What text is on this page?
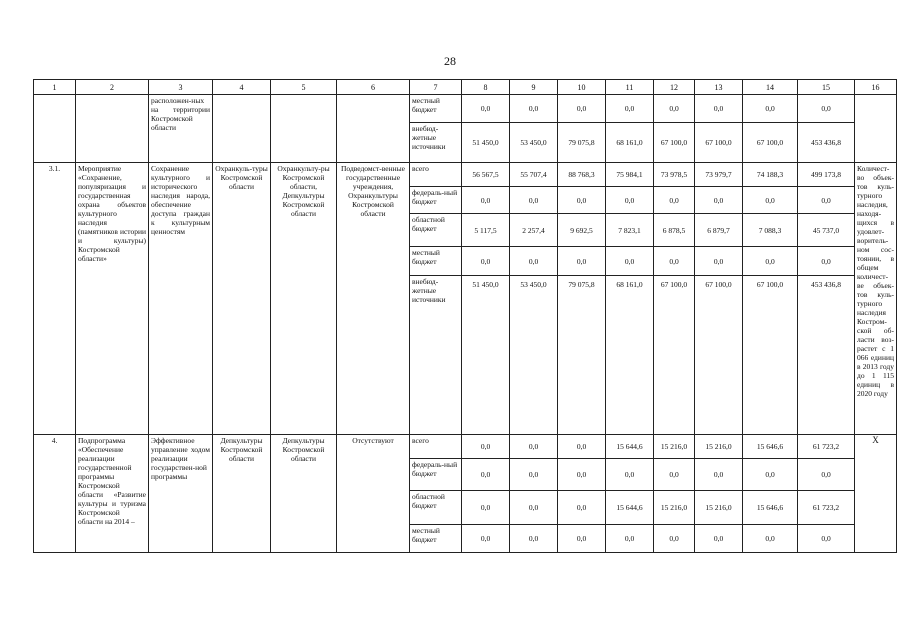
28
1	2	3	4	5	6	7	8	9	10	11	12	13	14	15	16
		расположен-ных на территории Костромской области				местный бюджет	0,0	0,0	0,0	0,0	0,0	0,0	0,0	0,0	
						внебюд-жетные источники	51 450,0	53 450,0	79 075,8	68 161,0	67 100,0	67 100,0	67 100,0	453 436,8	
3.1.	Мероприятие «Сохранение, популяризация и государственная охрана объектов культурного наследия (памятников истории и культуры) Костромской области»	Сохранение культурного и исторического наследия народа, обеспечение доступа граждан к культурным ценностям	Охранкуль-туры Костромской области	Охранкульту-ры Костромской области, Депкультуры Костромской области	Подведомст-венные государственные учреждения, Охранкультуры Костромской области	всего	56 567,5	55 707,4	88 768,3	75 984,1	73 978,5	73 979,7	74 188,3	499 173,8	Количест-во объек-тов куль-турного наследия, находя-щихся в удовлет-воритель-ном сос-тоянии, в общем количест-ве объек-тов куль-турного наследия Костром-ской об-ласти воз-растет с 1 066 единиц в 2013 году до 1 115 единиц в 2020 году
						федераль-ный бюджет	0,0	0,0	0,0	0,0	0,0	0,0	0,0	0,0	
						областной бюджет	5 117,5	2 257,4	9 692,5	7 823,1	6 878,5	6 879,7	7 088,3	45 737,0	
						местный бюджет	0,0	0,0	0,0	0,0	0,0	0,0	0,0	0,0	
						внебюд-жетные источники	51 450,0	53 450,0	79 075,8	68 161,0	67 100,0	67 100,0	67 100,0	453 436,8	
4.	Подпрограмма «Обеспечение реализации государственной программы Костромской области «Развитие культуры и туризма Костромской области на 2014 –	Эффективное управление ходом реализации государствен-ной программы	Депкультуры Костромской области	Депкультуры Костромской области	Отсутствуют	всего	0,0	0,0	0,0	15 644,6	15 216,0	15 216,0	15 646,6	61 723,2	Х
						федераль-ный бюджет	0,0	0,0	0,0	0,0	0,0	0,0	0,0	0,0	
						областной бюджет	0,0	0,0	0,0	15 644,6	15 216,0	15 216,0	15 646,6	61 723,2	
						местный бюджет	0,0	0,0	0,0	0,0	0,0	0,0	0,0	0,0	
